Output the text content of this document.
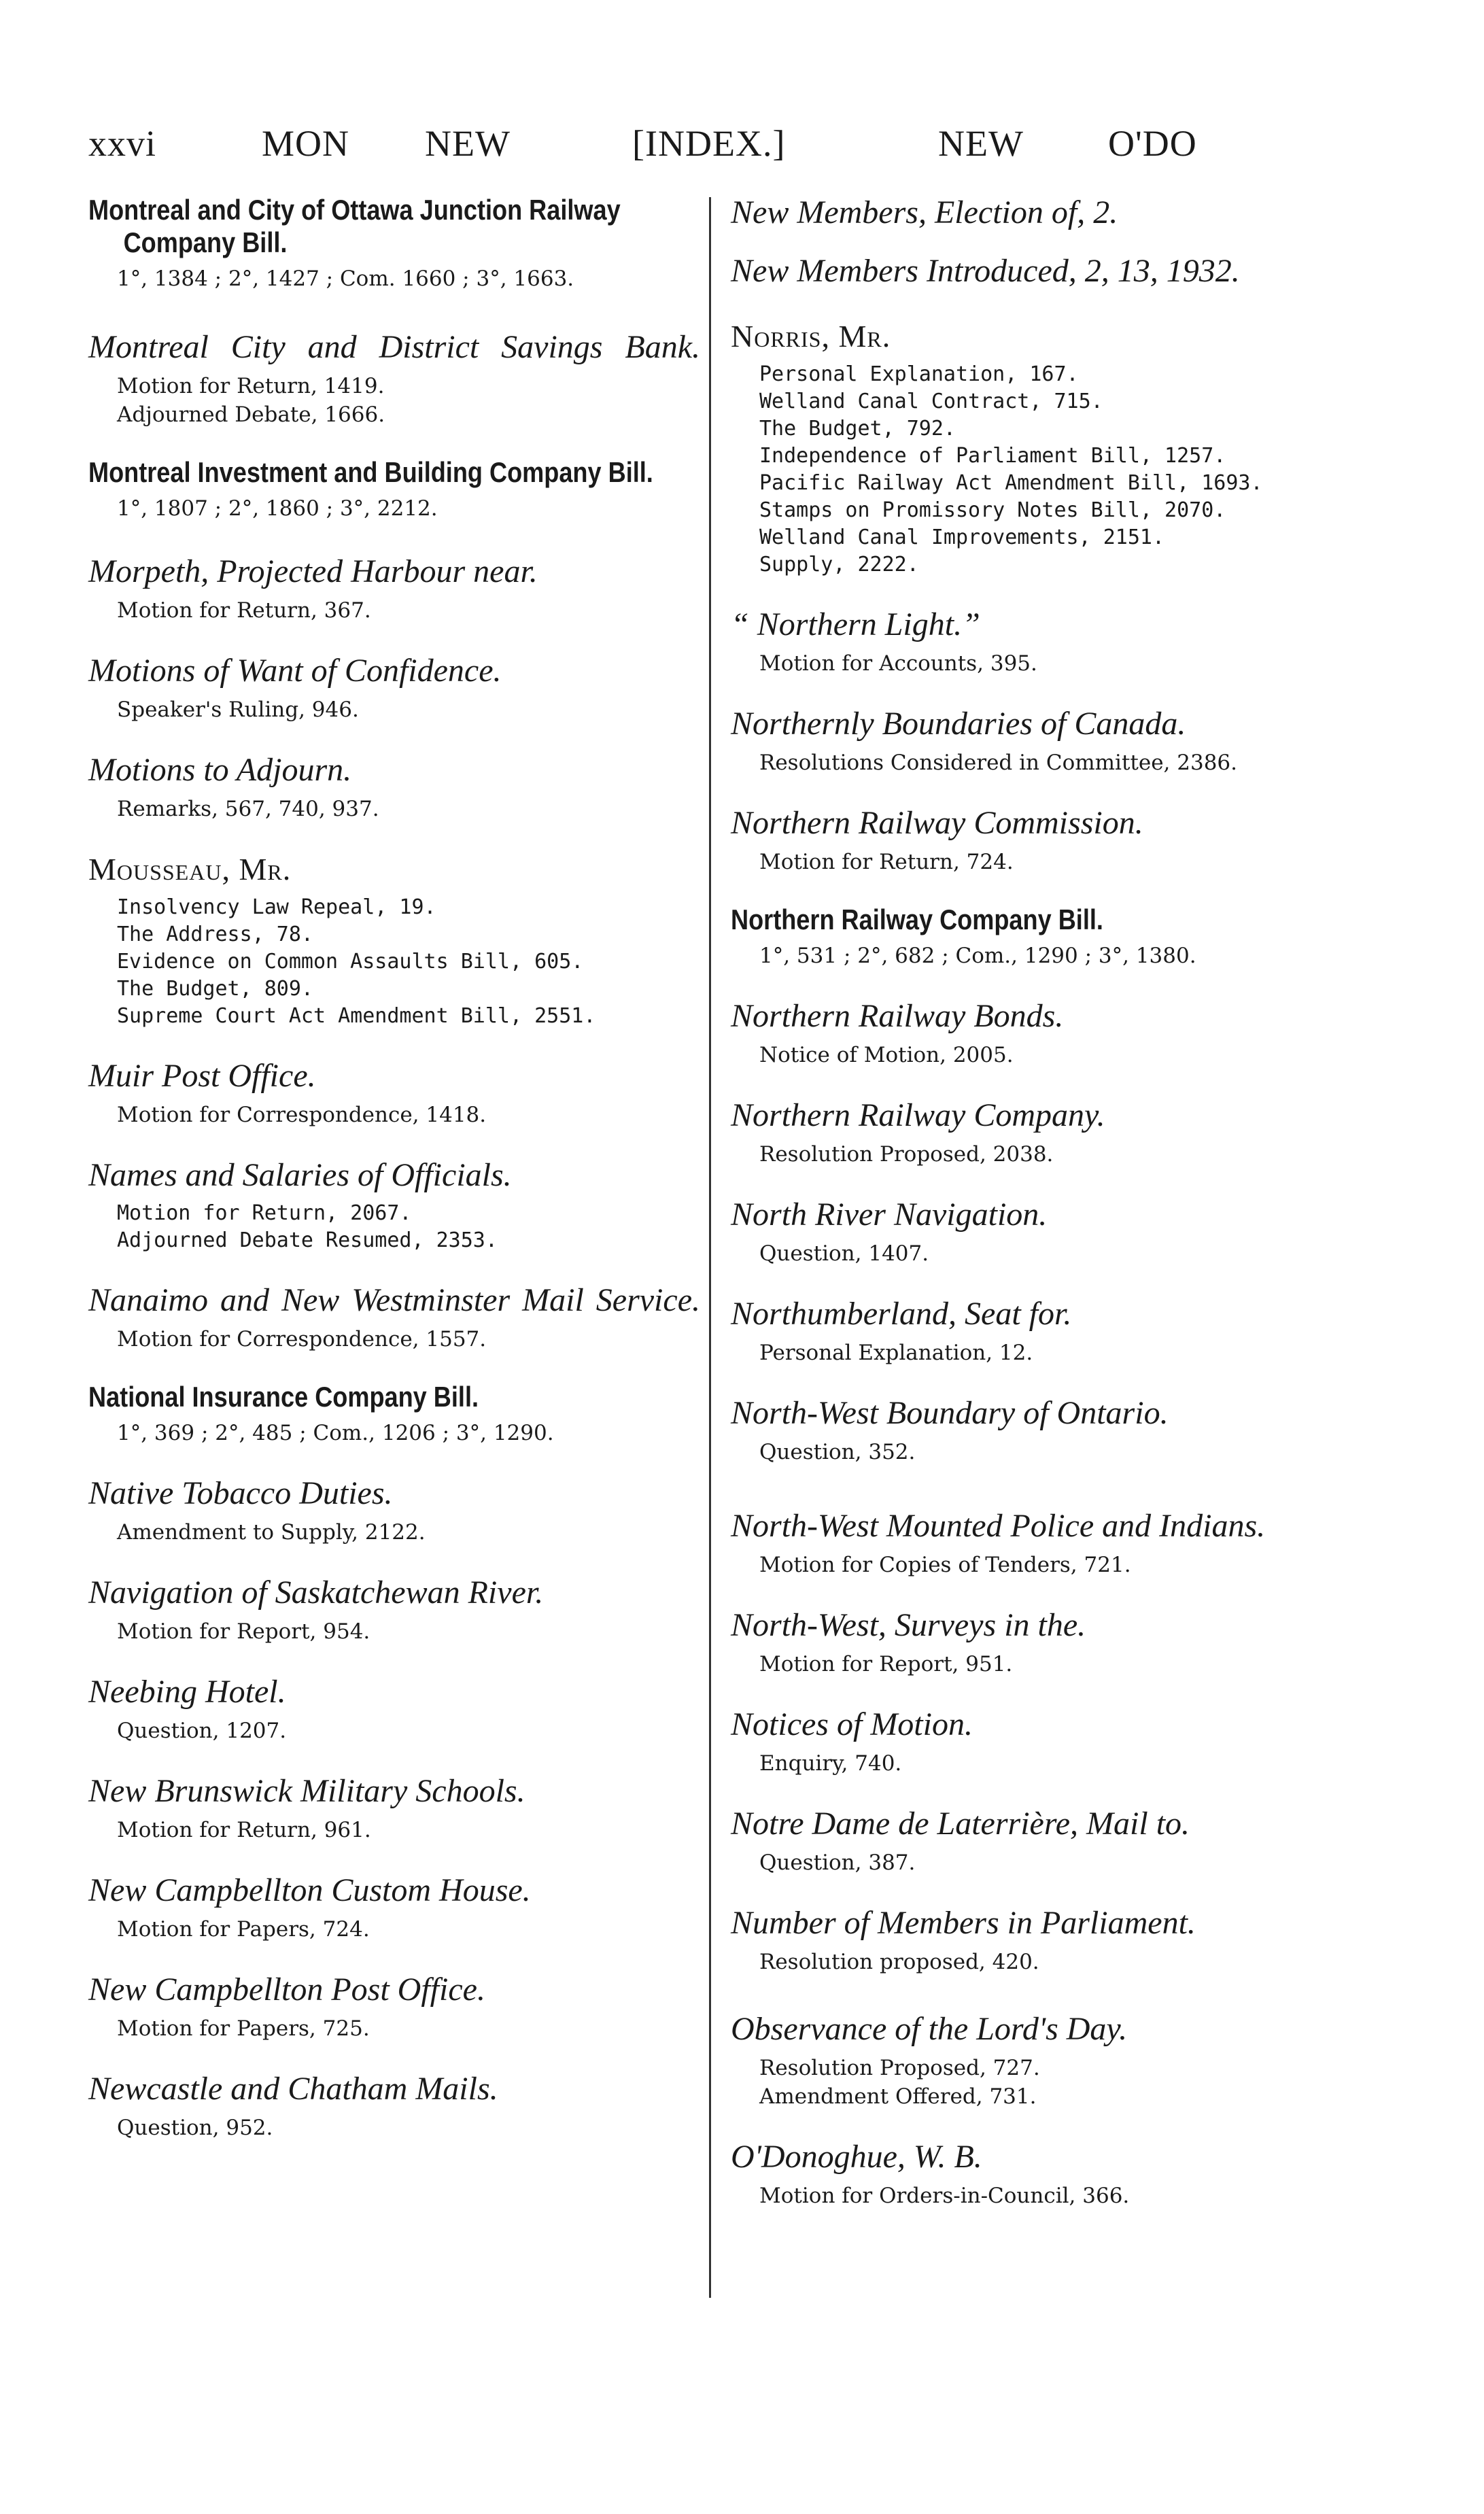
xxvi	MON NEW	[INDEX.]	NEW O'DO
Montreal and City of Ottawa Junction Railway Company Bill.
1°, 1384 ; 2°, 1427 ; Com. 1660 ; 3°, 1663.
Montreal City and District Savings Bank.
Motion for Return, 1419.
Adjourned Debate, 1666.
Montreal Investment and Building Company Bill.
1°, 1807 ; 2°, 1860 ; 3°, 2212.
Morpeth, Projected Harbour near.
Motion for Return, 367.
Motions of Want of Confidence.
Speaker's Ruling, 946.
Motions to Adjourn.
Remarks, 567, 740, 937.
Mousseau, Mr.
Insolvency Law Repeal, 19.
The Address, 78.
Evidence on Common Assaults Bill, 605.
The Budget, 809.
Supreme Court Act Amendment Bill, 2551.
Muir Post Office.
Motion for Correspondence, 1418.
Names and Salaries of Officials.
Motion for Return, 2067.
Adjourned Debate Resumed, 2353.
Nanaimo and New Westminster Mail Service.
Motion for Correspondence, 1557.
National Insurance Company Bill.
1°, 369 ; 2°, 485 ; Com., 1206 ; 3°, 1290.
Native Tobacco Duties.
Amendment to Supply, 2122.
Navigation of Saskatchewan River.
Motion for Report, 954.
Neebing Hotel.
Question, 1207.
New Brunswick Military Schools.
Motion for Return, 961.
New Campbellton Custom House.
Motion for Papers, 724.
New Campbellton Post Office.
Motion for Papers, 725.
Newcastle and Chatham Mails.
Question, 952.
New Members, Election of, 2.
New Members Introduced, 2, 13, 1932.
Norris, Mr.
Personal Explanation, 167.
Welland Canal Contract, 715.
The Budget, 792.
Independence of Parliament Bill, 1257.
Pacific Railway Act Amendment Bill, 1693.
Stamps on Promissory Notes Bill, 2070.
Welland Canal Improvements, 2151.
Supply, 2222.
“ Northern Light.”
Motion for Accounts, 395.
Northernly Boundaries of Canada.
Resolutions Considered in Committee, 2386.
Northern Railway Commission.
Motion for Return, 724.
Northern Railway Company Bill.
1°, 531 ; 2°, 682 ; Com., 1290 ; 3°, 1380.
Northern Railway Bonds.
Notice of Motion, 2005.
Northern Railway Company.
Resolution Proposed, 2038.
North River Navigation.
Question, 1407.
Northumberland, Seat for.
Personal Explanation, 12.
North-West Boundary of Ontario.
Question, 352.
North-West Mounted Police and Indians.
Motion for Copies of Tenders, 721.
North-West, Surveys in the.
Motion for Report, 951.
Notices of Motion.
Enquiry, 740.
Notre Dame de Laterrière, Mail to.
Question, 387.
Number of Members in Parliament.
Resolution proposed, 420.
Observance of the Lord's Day.
Resolution Proposed, 727.
Amendment Offered, 731.
O'Donoghue, W. B.
Motion for Orders-in-Council, 366.
